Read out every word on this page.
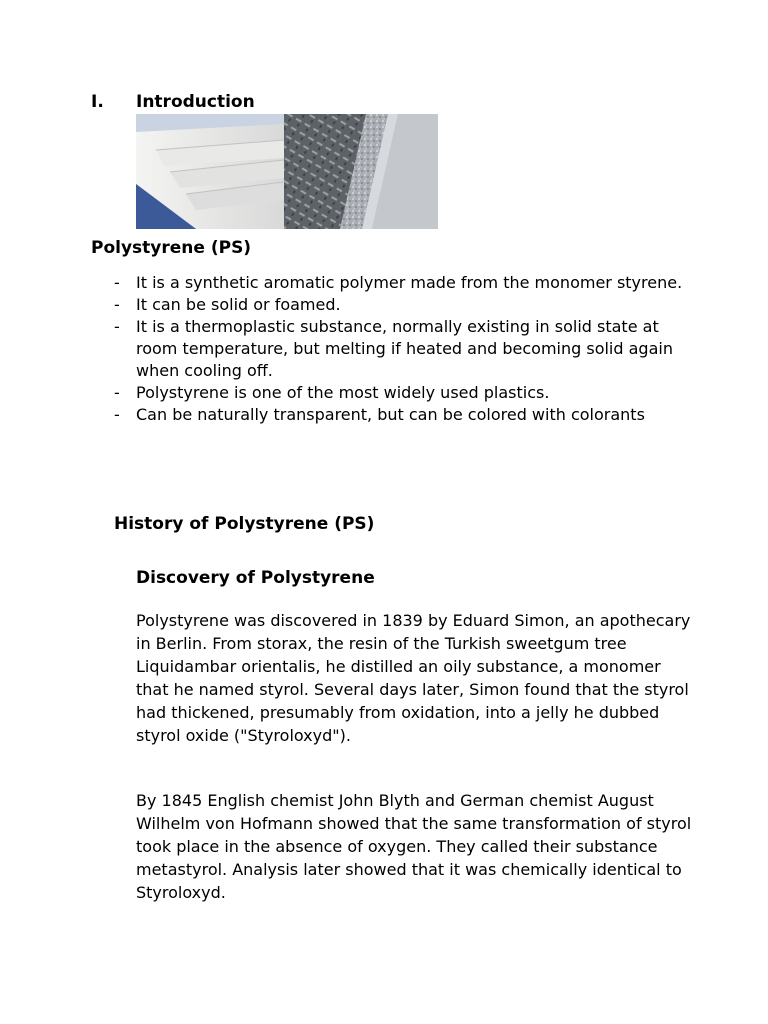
I. Introduction
Polystyrene (PS)
- It is a synthetic aromatic polymer made from the monomer styrene.
- It can be solid or foamed.
- It is a thermoplastic substance, normally existing in solid state at room temperature, but melting if heated and becoming solid again when cooling off.
- Polystyrene is one of the most widely used plastics.
- Can be naturally transparent, but can be colored with colorants
History of Polystyrene (PS)
Discovery of Polystyrene

Polystyrene was discovered in 1839 by Eduard Simon, an apothecary in Berlin. From storax, the resin of the Turkish sweetgum tree Liquidambar orientalis, he distilled an oily substance, a monomer that he named styrol. Several days later, Simon found that the styrol had thickened, presumably from oxidation, into a jelly he dubbed styrol oxide ("Styroloxyd").

By 1845 English chemist John Blyth and German chemist August Wilhelm von Hofmann showed that the same transformation of styrol took place in the absence of oxygen. They called their substance metastyrol. Analysis later showed that it was chemically identical to Styroloxyd.
